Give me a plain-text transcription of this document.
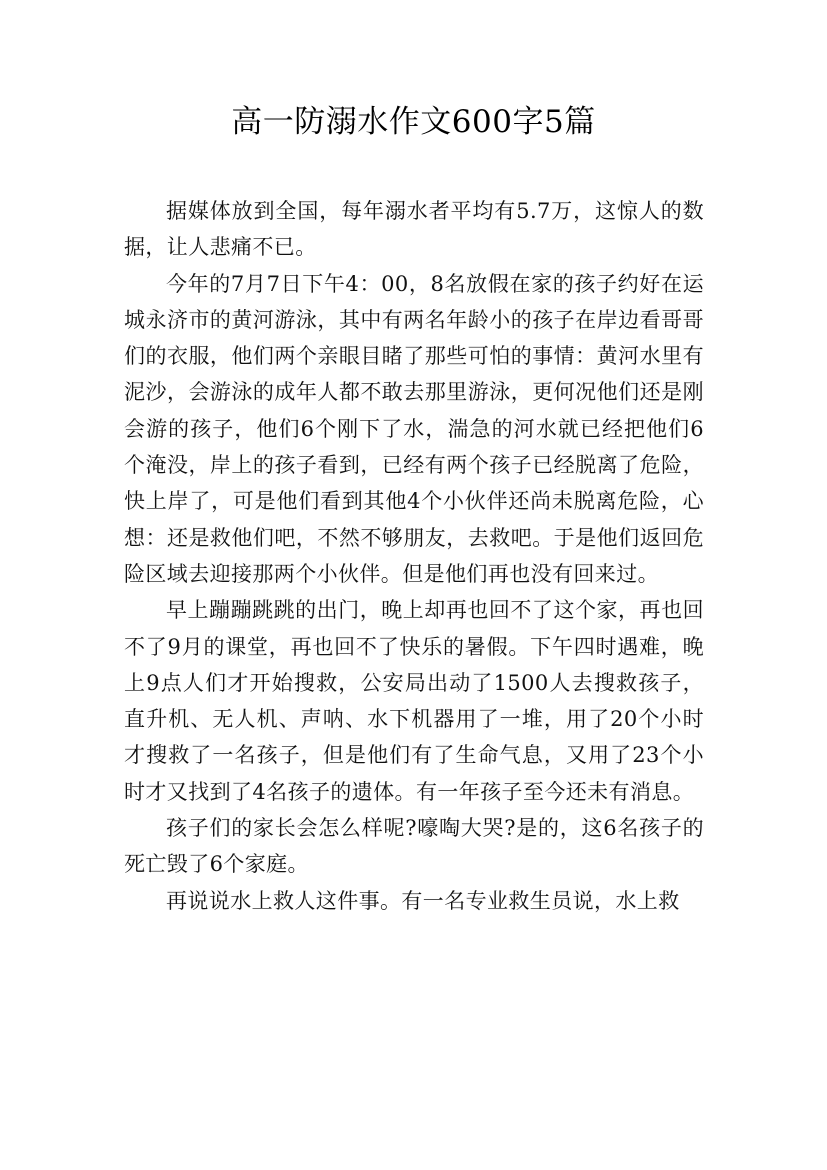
高一防溺水作文600字5篇

据媒体放到全国，每年溺水者平均有5.7万，这惊人的数据，让人悲痛不已。

今年的7月7日下午4：00，8名放假在家的孩子约好在运城永济市的黄河游泳，其中有两名年龄小的孩子在岸边看哥哥们的衣服，他们两个亲眼目睹了那些可怕的事情：黄河水里有泥沙，会游泳的成年人都不敢去那里游泳，更何况他们还是刚会游的孩子，他们6个刚下了水，湍急的河水就已经把他们6个淹没，岸上的孩子看到，已经有两个孩子已经脱离了危险，快上岸了，可是他们看到其他4个小伙伴还尚未脱离危险，心想：还是救他们吧，不然不够朋友，去救吧。于是他们返回危险区域去迎接那两个小伙伴。但是他们再也没有回来过。

早上蹦蹦跳跳的出门，晚上却再也回不了这个家，再也回不了9月的课堂，再也回不了快乐的暑假。下午四时遇难，晚上9点人们才开始搜救，公安局出动了1500人去搜救孩子，直升机、无人机、声呐、水下机器用了一堆，用了20个小时才搜救了一名孩子，但是他们有了生命气息，又用了23个小时才又找到了4名孩子的遗体。有一年孩子至今还未有消息。

孩子们的家长会怎么样呢?嚎啕大哭?是的，这6名孩子的死亡毁了6个家庭。

再说说水上救人这件事。有一名专业救生员说，水上救
